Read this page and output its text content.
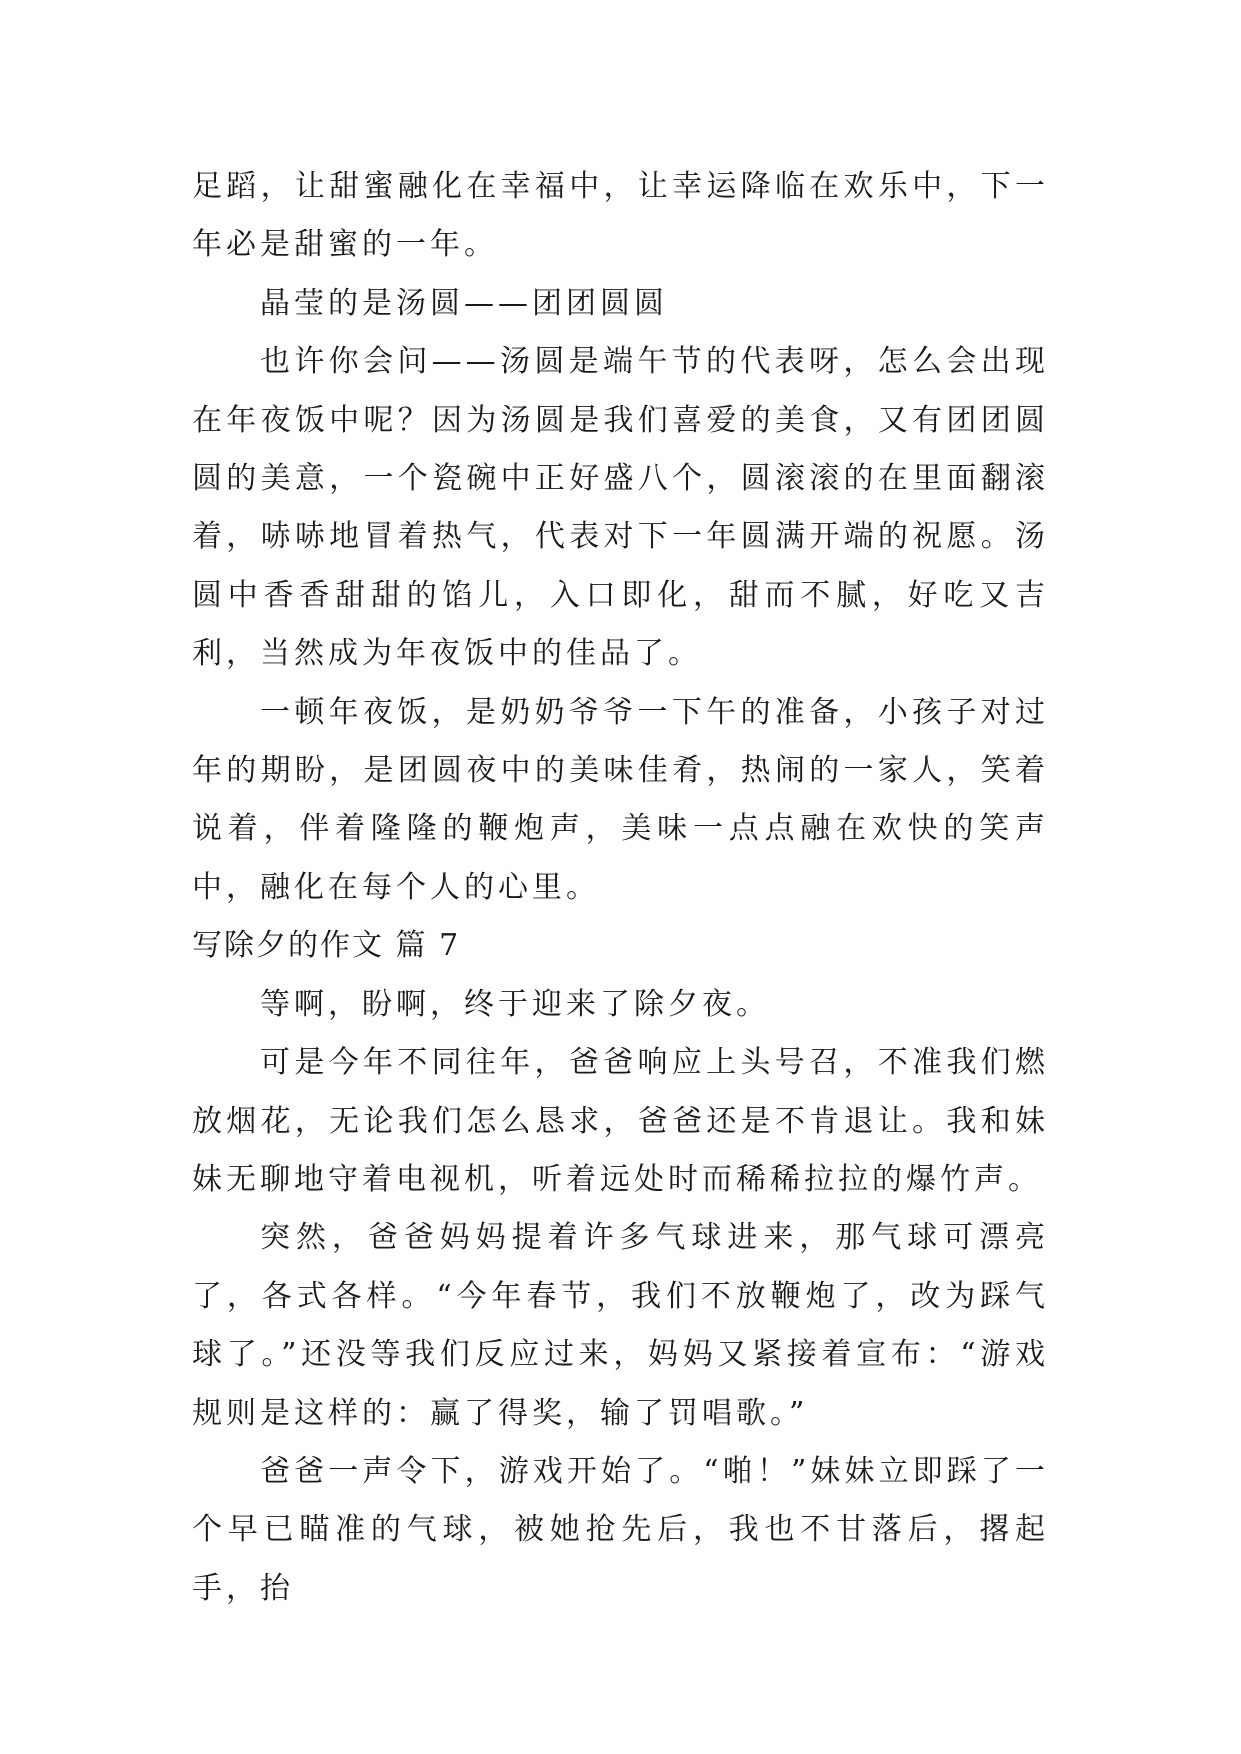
足蹈，让甜蜜融化在幸福中，让幸运降临在欢乐中，下一年必是甜蜜的一年。

晶莹的是汤圆——团团圆圆

也许你会问——汤圆是端午节的代表呀，怎么会出现在年夜饭中呢？因为汤圆是我们喜爱的美食，又有团团圆圆的美意，一个瓷碗中正好盛八个，圆滚滚的在里面翻滚着，哧哧地冒着热气，代表对下一年圆满开端的祝愿。汤圆中香香甜甜的馅儿，入口即化，甜而不腻，好吃又吉利，当然成为年夜饭中的佳品了。

一顿年夜饭，是奶奶爷爷一下午的准备，小孩子对过年的期盼，是团圆夜中的美味佳肴，热闹的一家人，笑着说着，伴着隆隆的鞭炮声，美味一点点融在欢快的笑声中，融化在每个人的心里。

写除夕的作文 篇 7

等啊，盼啊，终于迎来了除夕夜。

可是今年不同往年，爸爸响应上头号召，不准我们燃放烟花，无论我们怎么恳求，爸爸还是不肯退让。我和妹妹无聊地守着电视机，听着远处时而稀稀拉拉的爆竹声。

突然，爸爸妈妈提着许多气球进来，那气球可漂亮了，各式各样。“今年春节，我们不放鞭炮了，改为踩气球了。”还没等我们反应过来，妈妈又紧接着宣布：“游戏规则是这样的：赢了得奖，输了罚唱歌。”

爸爸一声令下，游戏开始了。“啪！”妹妹立即踩了一个早已瞄准的气球，被她抢先后，我也不甘落后，撂起手，抬
